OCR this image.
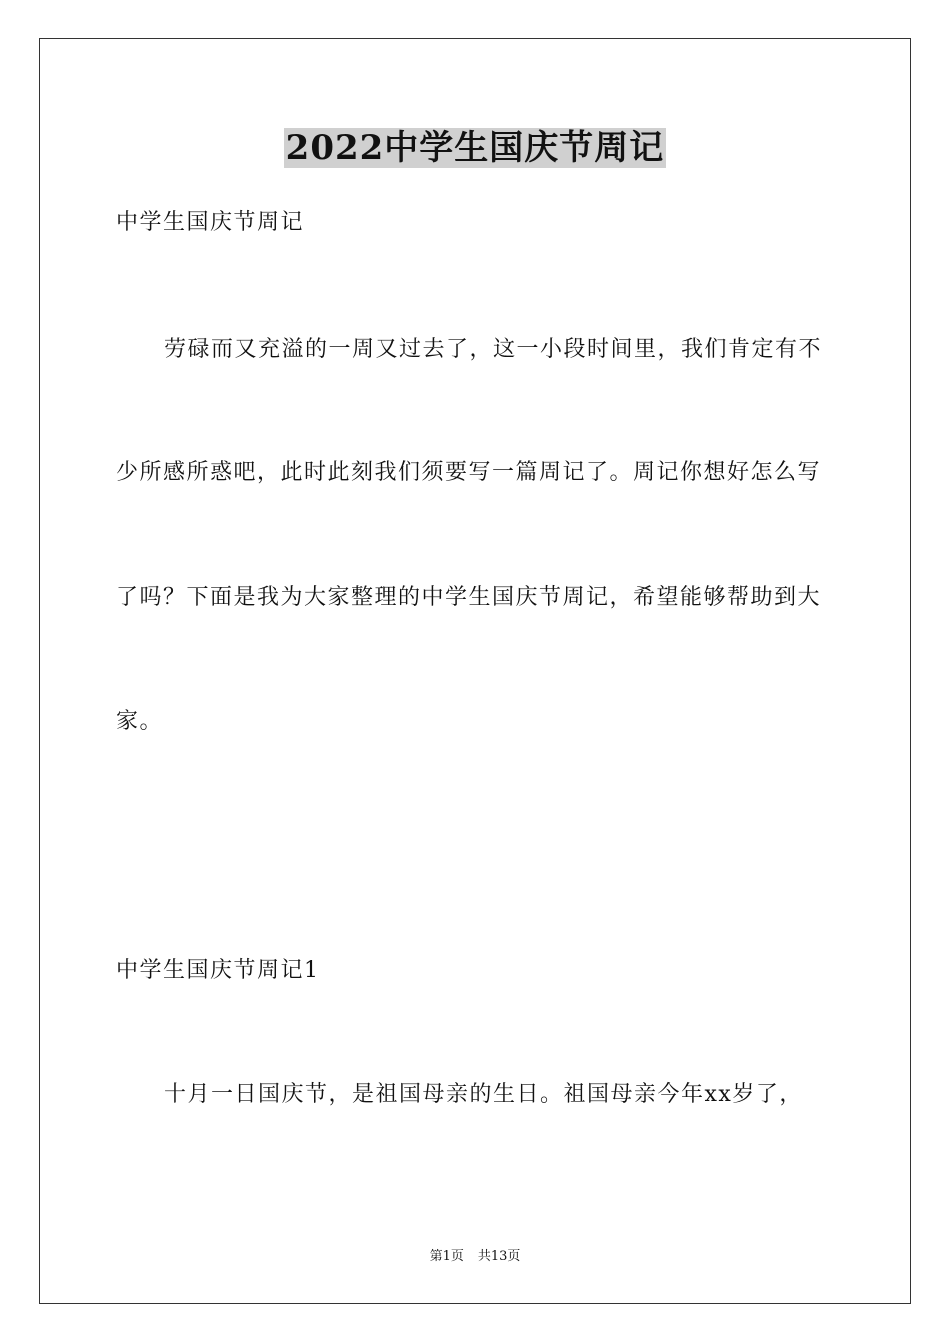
2022中学生国庆节周记
中学生国庆节周记
劳碌而又充溢的一周又过去了，这一小段时间里，我们肯定有不
少所感所惑吧，此时此刻我们须要写一篇周记了。周记你想好怎么写
了吗？下面是我为大家整理的中学生国庆节周记，希望能够帮助到大
家。
中学生国庆节周记1
十月一日国庆节，是祖国母亲的生日。祖国母亲今年xx岁了，
第1页 共13页
